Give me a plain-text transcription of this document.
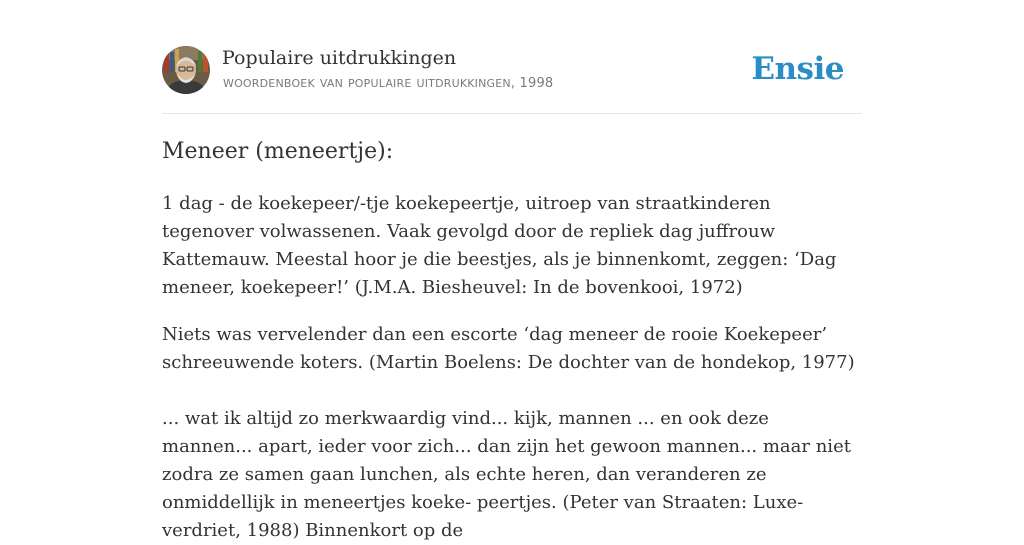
Populaire uitdrukkingen
woordenboek van populaire uitdrukkingen, 1998	Ensie
Meneer (meneertje):

1 dag - de koekepeer/-tje koekepeertje, uitroep van straatkinderen tegenover volwassenen. Vaak gevolgd door de repliek dag juffrouw Kattemauw. Meestal hoor je die beestjes, als je binnenkomt, zeggen: ‘Dag meneer, koekepeer!’ (J.M.A. Biesheuvel: In de bovenkooi, 1972)

Niets was vervelender dan een escorte ‘dag meneer de rooie Koekepeer’ schreeuwende koters. (Martin Boelens: De dochter van de hondekop, 1977)

... wat ik altijd zo merkwaardig vind... kijk, mannen ... en ook deze mannen... apart, ieder voor zich... dan zijn het gewoon mannen... maar niet zodra ze samen gaan lunchen, als echte heren, dan veranderen ze onmiddellijk in meneertjes koeke- peertjes. (Peter van Straaten: Luxe-verdriet, 1988) Binnenkort op de
